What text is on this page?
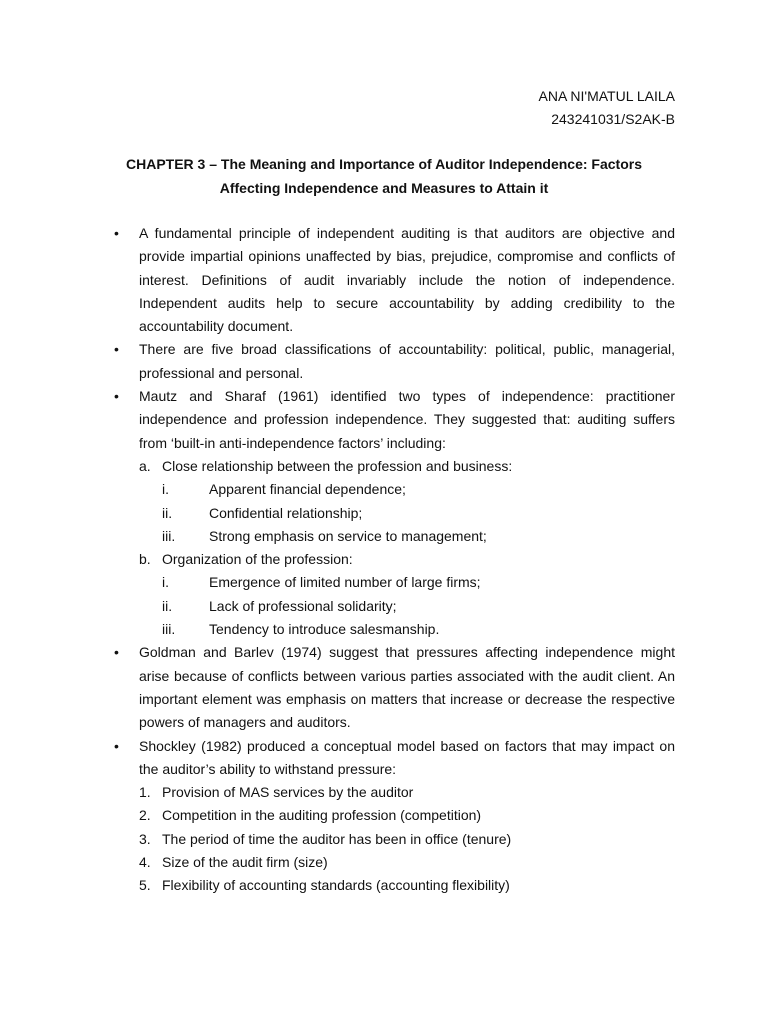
ANA NI'MATUL LAILA
243241031/S2AK-B
CHAPTER 3 – The Meaning and Importance of Auditor Independence: Factors
Affecting Independence and Measures to Attain it
• A fundamental principle of independent auditing is that auditors are objective and provide impartial opinions unaffected by bias, prejudice, compromise and conflicts of interest. Definitions of audit invariably include the notion of independence. Independent audits help to secure accountability by adding credibility to the accountability document.
• There are five broad classifications of accountability: political, public, managerial, professional and personal.
• Mautz and Sharaf (1961) identified two types of independence: practitioner independence and profession independence. They suggested that: auditing suffers from ‘built-in anti-independence factors’ including:
a. Close relationship between the profession and business:
i.	Apparent financial dependence;
ii.	Confidential relationship;
iii. Strong emphasis on service to management;
b. Organization of the profession:
i.	Emergence of limited number of large firms;
ii.	Lack of professional solidarity;
iii. Tendency to introduce salesmanship.
• Goldman and Barlev (1974) suggest that pressures affecting independence might arise because of conflicts between various parties associated with the audit client. An important element was emphasis on matters that increase or decrease the respective powers of managers and auditors.
• Shockley (1982) produced a conceptual model based on factors that may impact on the auditor’s ability to withstand pressure:
1. Provision of MAS services by the auditor
2. Competition in the auditing profession (competition)
3. The period of time the auditor has been in office (tenure)
4. Size of the audit firm (size)
5. Flexibility of accounting standards (accounting flexibility)
